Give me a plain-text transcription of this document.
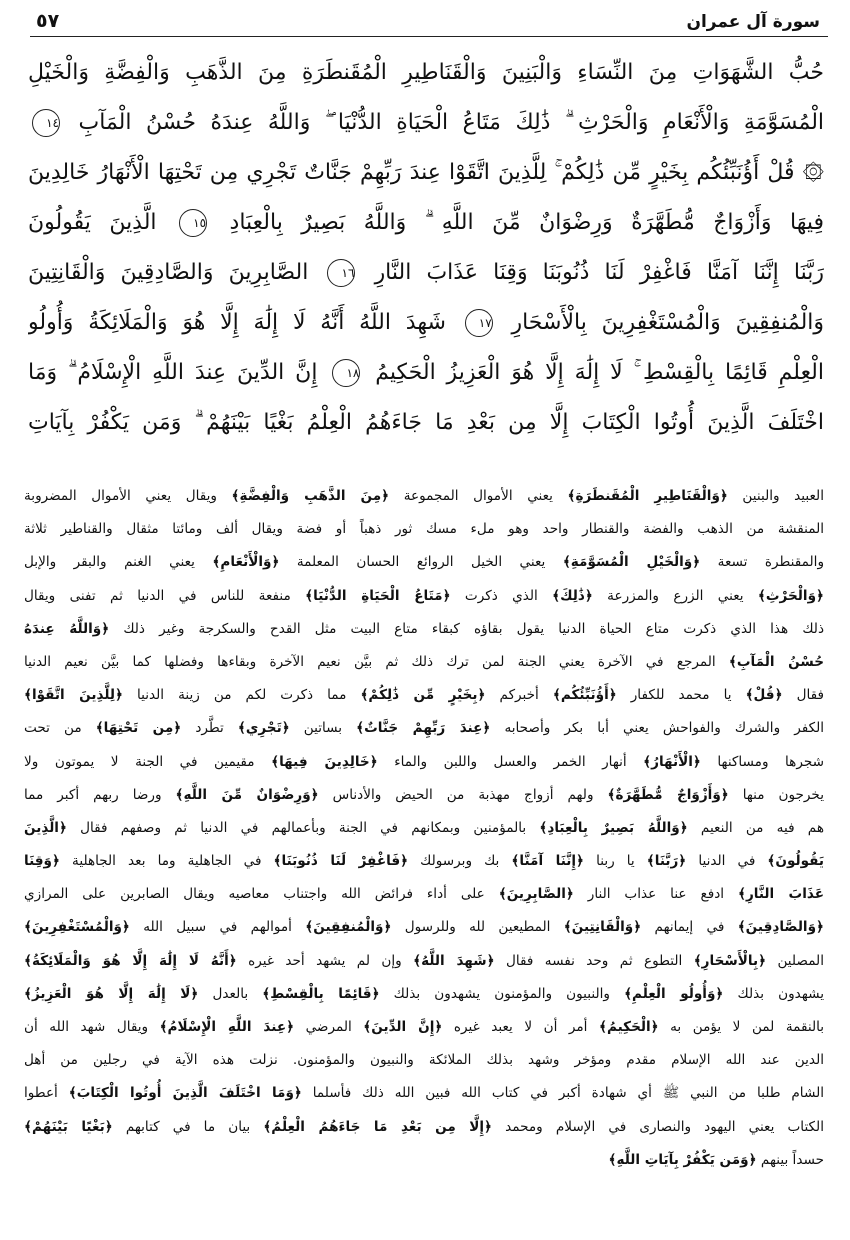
سورة آل عمران
٥٧
حُبُّ الشَّهَوَاتِ مِنَ النِّسَاءِ وَالْبَنِينَ وَالْقَنَاطِيرِ الْمُقَنطَرَةِ مِنَ الذَّهَبِ وَالْفِضَّةِ وَالْخَيْلِ
الْمُسَوَّمَةِ وَالْأَنْعَامِ وَالْحَرْثِ ۗ ذَٰلِكَ مَتَاعُ الْحَيَاةِ الدُّنْيَا ۖ وَاللَّهُ عِندَهُ حُسْنُ الْمَآبِ ١٤
۞ قُلْ أَؤُنَبِّئُكُم بِخَيْرٍ مِّن ذَٰلِكُمْ ۚ لِلَّذِينَ اتَّقَوْا عِندَ رَبِّهِمْ جَنَّاتٌ تَجْرِي مِن تَحْتِهَا الْأَنْهَارُ خَالِدِينَ
فِيهَا وَأَزْوَاجٌ مُّطَهَّرَةٌ وَرِضْوَانٌ مِّنَ اللَّهِ ۗ وَاللَّهُ بَصِيرٌ بِالْعِبَادِ ١٥ الَّذِينَ يَقُولُونَ
رَبَّنَا إِنَّنَا آمَنَّا فَاغْفِرْ لَنَا ذُنُوبَنَا وَقِنَا عَذَابَ النَّارِ ١٦ الصَّابِرِينَ وَالصَّادِقِينَ وَالْقَانِتِينَ
وَالْمُنفِقِينَ وَالْمُسْتَغْفِرِينَ بِالْأَسْحَارِ ١٧ شَهِدَ اللَّهُ أَنَّهُ لَا إِلَٰهَ إِلَّا هُوَ وَالْمَلَائِكَةُ وَأُولُو
الْعِلْمِ قَائِمًا بِالْقِسْطِ ۚ لَا إِلَٰهَ إِلَّا هُوَ الْعَزِيزُ الْحَكِيمُ ١٨ إِنَّ الدِّينَ عِندَ اللَّهِ الْإِسْلَامُ ۗ وَمَا
اخْتَلَفَ الَّذِينَ أُوتُوا الْكِتَابَ إِلَّا مِن بَعْدِ مَا جَاءَهُمُ الْعِلْمُ بَغْيًا بَيْنَهُمْ ۗ وَمَن يَكْفُرْ بِآيَاتِ
العبيد والبنين ﴿وَالْقَنَاطِيرِ الْمُقَنطَرَةِ﴾ يعني الأموال المجموعة ﴿مِنَ الذَّهَبِ وَالْفِضَّةِ﴾ ويقال يعني الأموال المضروبة
المنقشة من الذهب والفضة والقنطار واحد وهو ملء مسك ثور ذهباً أو فضة ويقال ألف ومائتا مثقال والقناطير ثلاثة
والمقنطرة تسعة ﴿وَالْخَيْلِ الْمُسَوَّمَةِ﴾ يعني الخيل الروائع الحسان المعلمة ﴿وَالْأَنْعَامِ﴾ يعني الغنم والبقر والإبل
﴿وَالْحَرْثِ﴾ يعني الزرع والمزرعة ﴿ذَٰلِكَ﴾ الذي ذكرت ﴿مَتَاعُ الْحَيَاةِ الدُّنْيَا﴾ منفعة للناس في الدنيا ثم تفنى ويقال
ذلك هذا الذي ذكرت متاع الحياة الدنيا يقول بقاؤه كبقاء متاع البيت مثل القدح والسكرجة وغير ذلك ﴿وَاللَّهُ عِندَهُ
حُسْنُ الْمَآبِ﴾ المرجع في الآخرة يعني الجنة لمن ترك ذلك ثم بيَّن نعيم الآخرة وبقاءها وفضلها كما بيَّن نعيم الدنيا
فقال ﴿قُلْ﴾ يا محمد للكفار ﴿أَؤُنَبِّئُكُم﴾ أخبركم ﴿بِخَيْرٍ مِّن ذَٰلِكُمْ﴾ مما ذكرت لكم من زينة الدنيا ﴿لِلَّذِينَ اتَّقَوْا﴾
الكفر والشرك والفواحش يعني أبا بكر وأصحابه ﴿عِندَ رَبِّهِمْ جَنَّاتٌ﴾ بساتين ﴿تَجْرِي﴾ تطَّرد ﴿مِن تَحْتِهَا﴾ من تحت
شجرها ومساكنها ﴿الْأَنْهَارُ﴾ أنهار الخمر والعسل واللبن والماء ﴿خَالِدِينَ فِيهَا﴾ مقيمين في الجنة لا يموتون ولا
يخرجون منها ﴿وَأَزْوَاجٌ مُّطَهَّرَةٌ﴾ ولهم أزواج مهذبة من الحيض والأدناس ﴿وَرِضْوَانٌ مِّنَ اللَّهِ﴾ ورضا ربهم أكبر مما
هم فيه من النعيم ﴿وَاللَّهُ بَصِيرٌ بِالْعِبَادِ﴾ بالمؤمنين وبمكانهم في الجنة وبأعمالهم في الدنيا ثم وصفهم فقال ﴿الَّذِينَ
يَقُولُونَ﴾ في الدنيا ﴿رَبَّنَا﴾ يا ربنا ﴿إِنَّنَا آمَنَّا﴾ بك وبرسولك ﴿فَاغْفِرْ لَنَا ذُنُوبَنَا﴾ في الجاهلية وما بعد الجاهلية ﴿وَقِنَا
عَذَابَ النَّارِ﴾ ادفع عنا عذاب النار ﴿الصَّابِرِينَ﴾ على أداء فرائض الله واجتناب معاصيه ويقال الصابرين على المرازي
﴿وَالصَّادِقِينَ﴾ في إيمانهم ﴿وَالْقَانِتِينَ﴾ المطيعين لله وللرسول ﴿وَالْمُنفِقِينَ﴾ أموالهم في سبيل الله ﴿وَالْمُسْتَغْفِرِينَ﴾
المصلين ﴿بِالْأَسْحَارِ﴾ التطوع ثم وحد نفسه فقال ﴿شَهِدَ اللَّهُ﴾ وإن لم يشهد أحد غيره ﴿أَنَّهُ لَا إِلَٰهَ إِلَّا هُوَ وَالْمَلَائِكَةُ﴾
يشهدون بذلك ﴿وَأُولُو الْعِلْمِ﴾ والنبيون والمؤمنون يشهدون بذلك ﴿قَائِمًا بِالْقِسْطِ﴾ بالعدل ﴿لَا إِلَٰهَ إِلَّا هُوَ الْعَزِيزُ﴾
بالنقمة لمن لا يؤمن به ﴿الْحَكِيمُ﴾ أمر أن لا يعبد غيره ﴿إِنَّ الدِّينَ﴾ المرضي ﴿عِندَ اللَّهِ الْإِسْلَامُ﴾ ويقال شهد الله أن
الدين عند الله الإسلام مقدم ومؤخر وشهد بذلك الملائكة والنبيون والمؤمنون. نزلت هذه الآية في رجلين من أهل
الشام طلبا من النبي ﷺ أي شهادة أكبر في كتاب الله فبين الله ذلك فأسلما ﴿وَمَا اخْتَلَفَ الَّذِينَ أُوتُوا الْكِتَابَ﴾ أعطوا
الكتاب يعني اليهود والنصارى في الإسلام ومحمد ﴿إِلَّا مِن بَعْدِ مَا جَاءَهُمُ الْعِلْمُ﴾ بيان ما في كتابهم ﴿بَغْيًا بَيْنَهُمْ﴾
حسداً بينهم ﴿وَمَن يَكْفُرْ بِآيَاتِ اللَّهِ﴾
